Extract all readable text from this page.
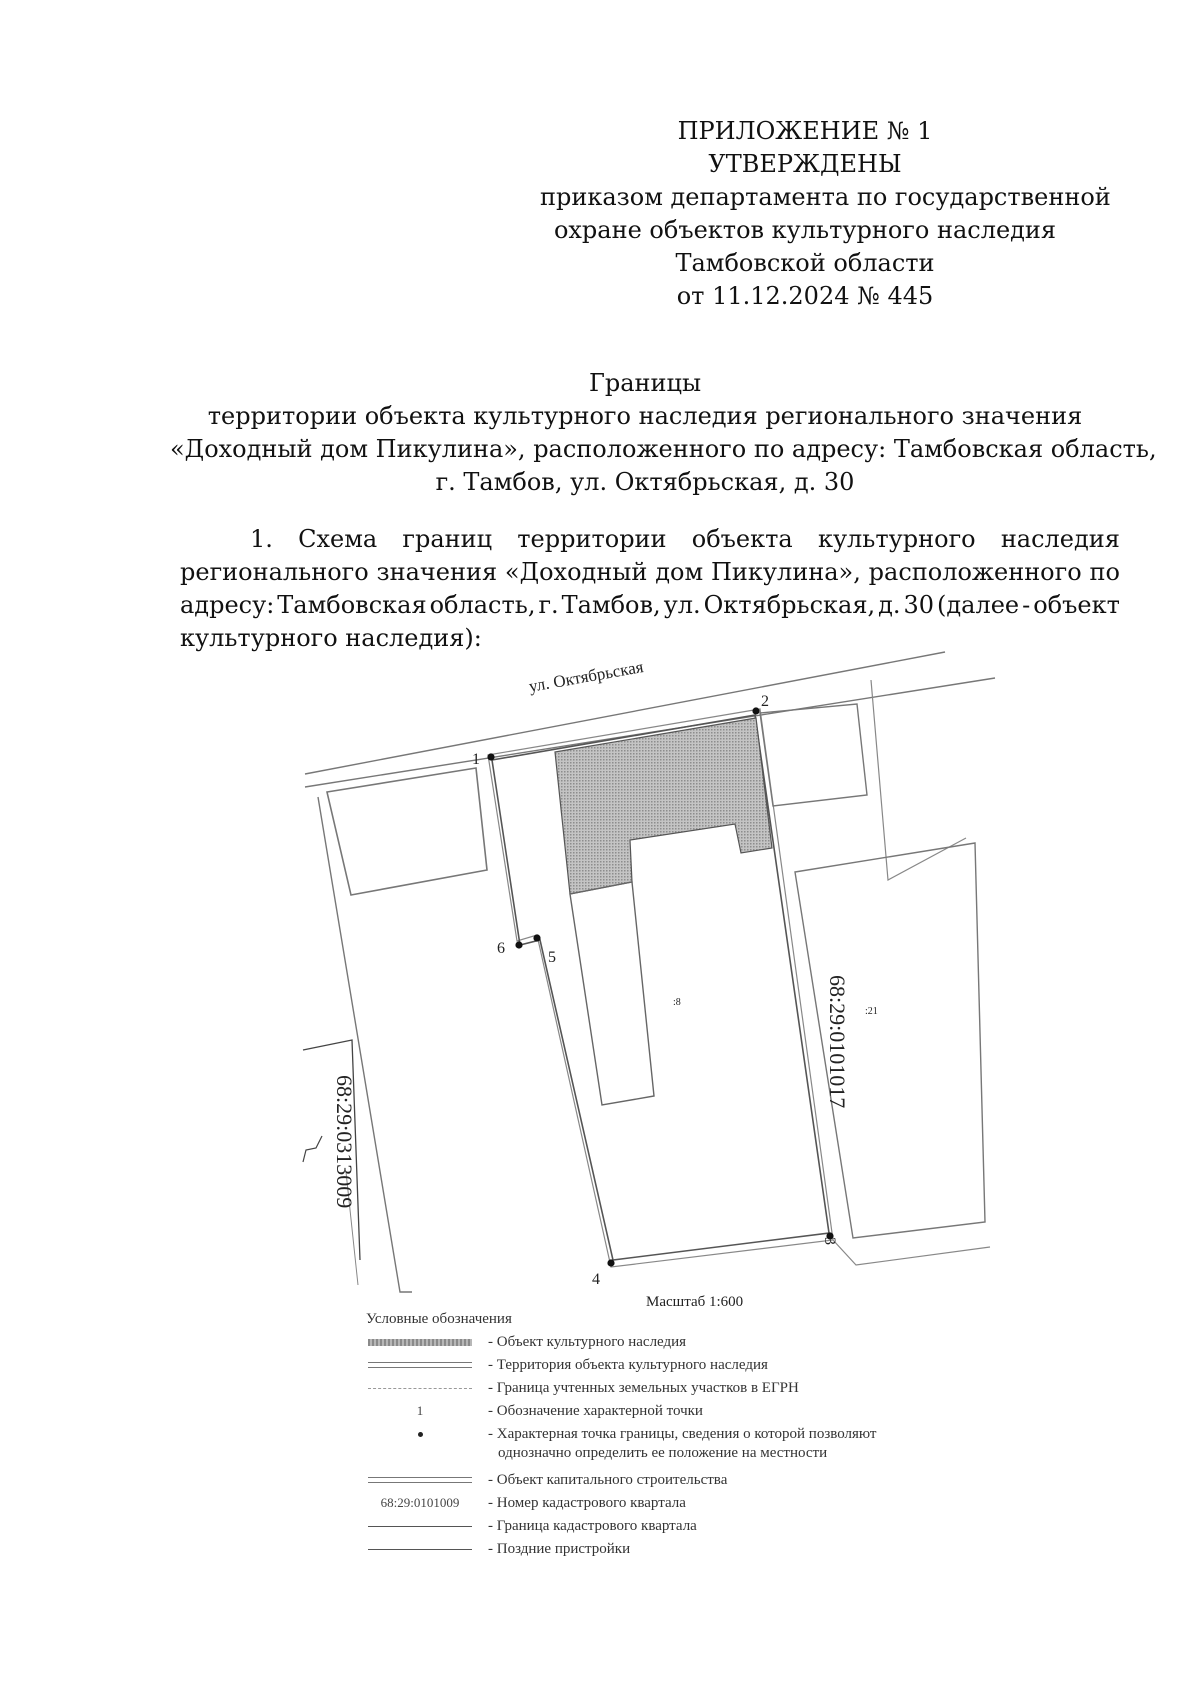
ПРИЛОЖЕНИЕ № 1
УТВЕРЖДЕНЫ
приказом департамента по государственной
охране объектов культурного наследия
Тамбовской области
от 11.12.2024 № 445
Границы
территории объекта культурного наследия регионального значения
«Доходный дом Пикулина», расположенного по адресу: Тамбовская область,
г. Тамбов, ул. Октябрьская, д. 30
1. Схема границ территории объекта культурного наследия
регионального значения «Доходный дом Пикулина», расположенного по
адресу: Тамбовская область, г. Тамбов, ул. Октябрьская, д. 30 (далее - объект
культурного наследия):
ул. Октябрьская
1
2
3
4
5
6
:8
:21
68:29:0101017
68:29:0313009
Масштаб 1:600
Условные обозначения
- Объект культурного наследия
- Территория объекта культурного наследия
- Граница учтенных земельных участков в ЕГРН
1	- Обозначение характерной точки
- Характерная точка границы, сведения о которой позволяют
однозначно определить ее положение на местности
- Объект капитального строительства
68:29:0101009	- Номер кадастрового квартала
- Граница кадастрового квартала
- Поздние пристройки
